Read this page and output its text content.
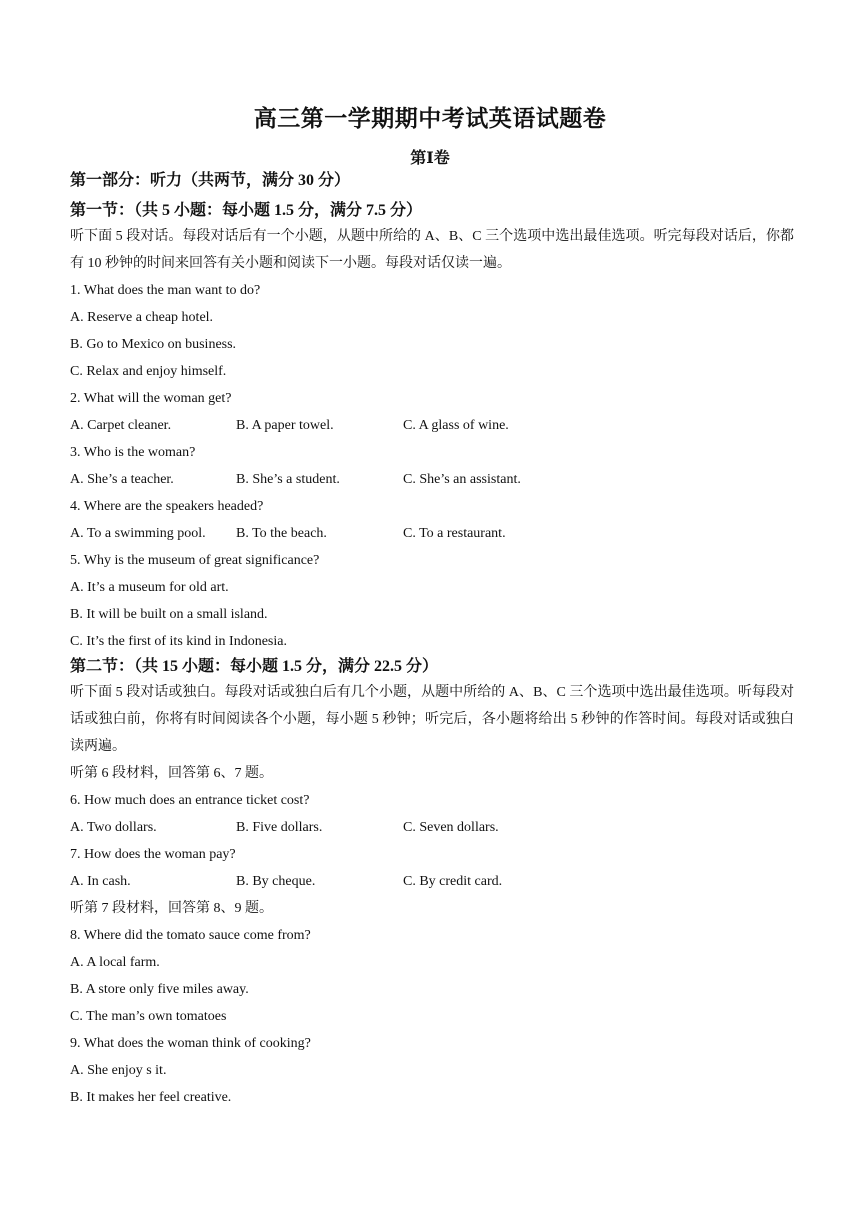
高三第一学期期中考试英语试题卷
第Ⅰ卷
第一部分：听力（共两节，满分 30 分）
第一节：（共 5 小题：每小题 1.5 分，满分 7.5 分）
听下面 5 段对话。每段对话后有一个小题，从题中所给的 A、B、C 三个选项中选出最佳选项。听完每段对话后，你都有 10 秒钟的时间来回答有关小题和阅读下一小题。每段对话仅读一遍。
1. What does the man want to do?
A. Reserve a cheap hotel.
B. Go to Mexico on business.
C. Relax and enjoy himself.
2. What will the woman get?
A. Carpet cleaner.	B. A paper towel.	C. A glass of wine.
3. Who is the woman?
A. She’s a teacher.	B. She’s a student.	C. She’s an assistant.
4. Where are the speakers headed?
A. To a swimming pool.	B. To the beach.	C. To a restaurant.
5. Why is the museum of great significance?
A. It’s a museum for old art.
B. It will be built on a small island.
C. It’s the first of its kind in Indonesia.
第二节：（共 15 小题：每小题 1.5 分，满分 22.5 分）
听下面 5 段对话或独白。每段对话或独白后有几个小题，从题中所给的 A、B、C 三个选项中选出最佳选项。听每段对话或独白前，你将有时间阅读各个小题，每小题 5 秒钟；听完后，各小题将给出 5 秒钟的作答时间。每段对话或独白读两遍。
听第 6 段材料，回答第 6、7 题。
6. How much does an entrance ticket cost?
A. Two dollars.	B. Five dollars.	C. Seven dollars.
7. How does the woman pay?
A. In cash.	B. By cheque.	C. By credit card.
听第 7 段材料，回答第 8、9 题。
8. Where did the tomato sauce come from?
A. A local farm.
B. A store only five miles away.
C. The man’s own tomatoes
9. What does the woman think of cooking?
A. She enjoy s it.
B. It makes her feel creative.
